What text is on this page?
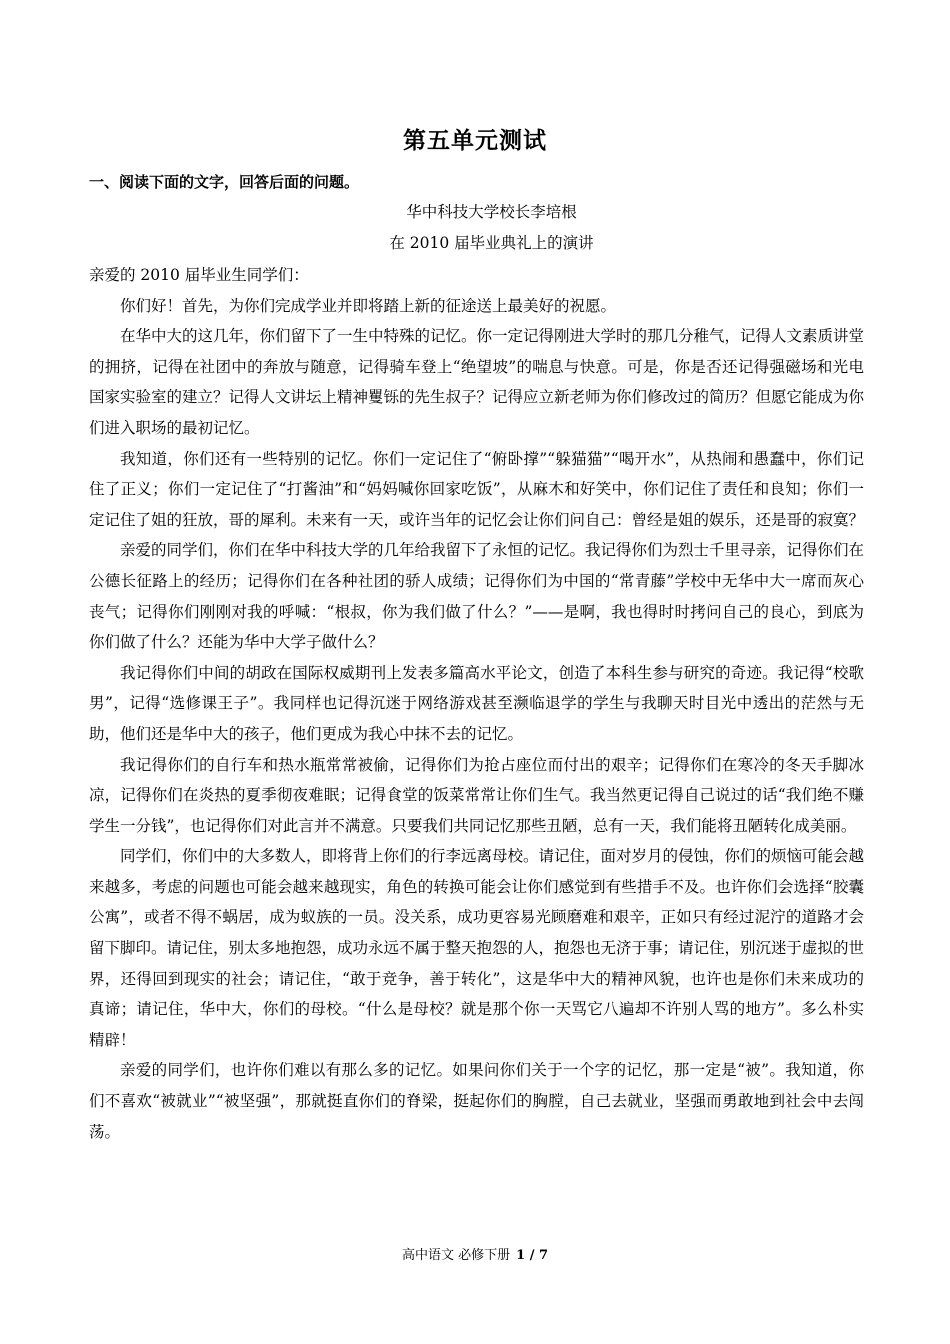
第五单元测试
一、阅读下面的文字，回答后面的问题。
华中科技大学校长李培根
在 2010 届毕业典礼上的演讲

亲爱的 2010 届毕业生同学们：

你们好！首先，为你们完成学业并即将踏上新的征途送上最美好的祝愿。

在华中大的这几年，你们留下了一生中特殊的记忆。你一定记得刚进大学时的那几分稚气，记得人文素质讲堂的拥挤，记得在社团中的奔放与随意，记得骑车登上“绝望坡”的喘息与快意。可是，你是否还记得强磁场和光电国家实验室的建立？记得人文讲坛上精神矍铄的先生叔子？记得应立新老师为你们修改过的简历？但愿它能成为你们进入职场的最初记忆。

我知道，你们还有一些特别的记忆。你们一定记住了“俯卧撑”“躲猫猫”“喝开水”，从热闹和愚蠢中，你们记住了正义；你们一定记住了“打酱油”和“妈妈喊你回家吃饭”，从麻木和好笑中，你们记住了责任和良知；你们一定记住了姐的狂放，哥的犀利。未来有一天，或许当年的记忆会让你们问自己：曾经是姐的娱乐，还是哥的寂寞？

亲爱的同学们，你们在华中科技大学的几年给我留下了永恒的记忆。我记得你们为烈士千里寻亲，记得你们在公德长征路上的经历；记得你们在各种社团的骄人成绩；记得你们为中国的“常青藤”学校中无华中大一席而灰心丧气；记得你们刚刚对我的呼喊：“根叔，你为我们做了什么？”——是啊，我也得时时拷问自己的良心，到底为你们做了什么？还能为华中大学子做什么？

我记得你们中间的胡政在国际权威期刊上发表多篇高水平论文，创造了本科生参与研究的奇迹。我记得“校歌男”，记得“选修课王子”。我同样也记得沉迷于网络游戏甚至濒临退学的学生与我聊天时目光中透出的茫然与无助，他们还是华中大的孩子，他们更成为我心中抹不去的记忆。

我记得你们的自行车和热水瓶常常被偷，记得你们为抢占座位而付出的艰辛；记得你们在寒冷的冬天手脚冰凉，记得你们在炎热的夏季彻夜难眠；记得食堂的饭菜常常让你们生气。我当然更记得自己说过的话“我们绝不赚学生一分钱”，也记得你们对此言并不满意。只要我们共同记忆那些丑陋，总有一天，我们能将丑陋转化成美丽。

同学们，你们中的大多数人，即将背上你们的行李远离母校。请记住，面对岁月的侵蚀，你们的烦恼可能会越来越多，考虑的问题也可能会越来越现实，角色的转换可能会让你们感觉到有些措手不及。也许你们会选择“胶囊公寓”，或者不得不蜗居，成为蚁族的一员。没关系，成功更容易光顾磨难和艰辛，正如只有经过泥泞的道路才会留下脚印。请记住，别太多地抱怨，成功永远不属于整天抱怨的人，抱怨也无济于事；请记住，别沉迷于虚拟的世界，还得回到现实的社会；请记住，“敢于竞争，善于转化”，这是华中大的精神风貌，也许也是你们未来成功的真谛；请记住，华中大，你们的母校。“什么是母校？就是那个你一天骂它八遍却不许别人骂的地方”。多么朴实精辟！

亲爱的同学们，也许你们难以有那么多的记忆。如果问你们关于一个字的记忆，那一定是“被”。我知道，你们不喜欢“被就业”“被坚强”，那就挺直你们的脊梁，挺起你们的胸膛，自己去就业，坚强而勇敢地到社会中去闯荡。

高中语文 必修下册 1 / 7
